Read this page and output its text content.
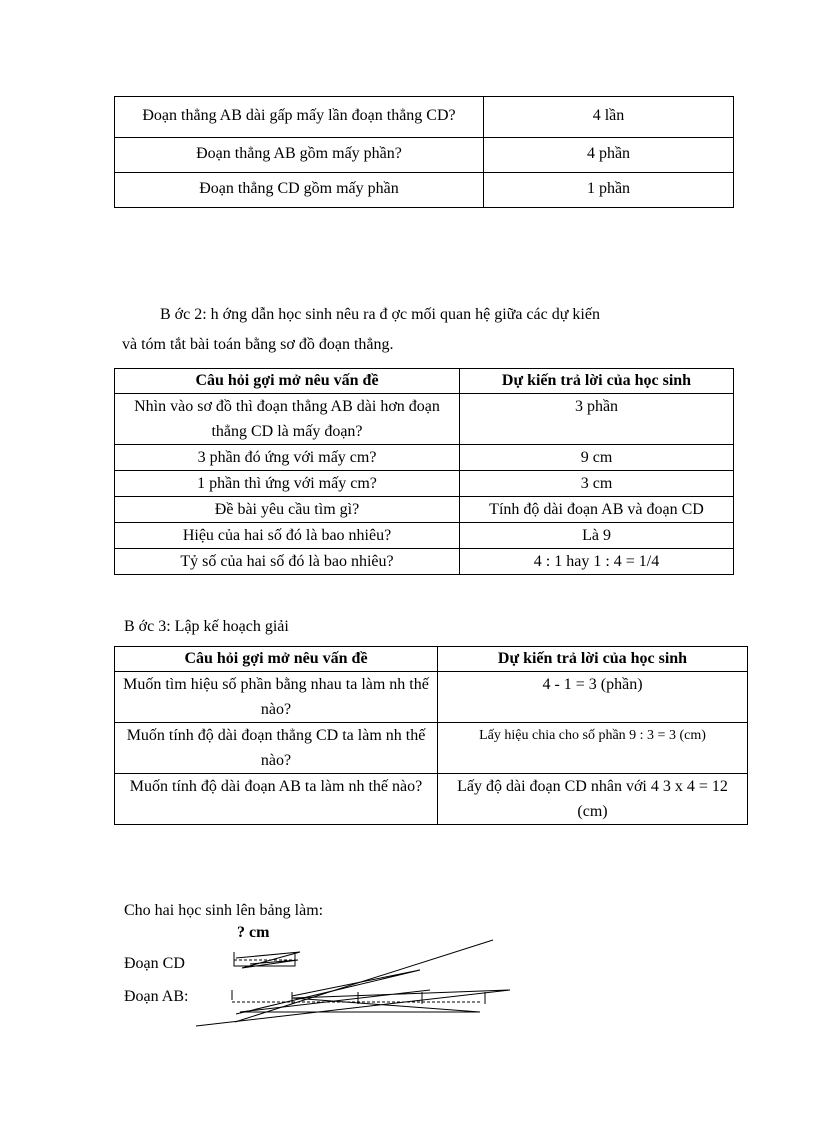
Đoạn thẳng AB dài gấp mấy lần đoạn thẳng CD?	4 lần
Đoạn thẳng AB gồm mấy phần?	4 phần
Đoạn thẳng CD gồm mấy phần	1 phần
B ớc 2: h ớng dẫn học sinh nêu ra đ ợc mối quan hệ giữa các dự kiến
và tóm tắt bài toán bằng sơ đồ đoạn thẳng.
Câu hỏi gợi mở nêu vấn đề	Dự kiến trả lời của học sinh
Nhìn vào sơ đồ thì đoạn thẳng AB dài hơn đoạn thẳng CD là mấy đoạn?	3 phần
3 phần đó ứng với mấy cm?	9 cm
1 phần thì ứng với mấy cm?	3 cm
Đề bài yêu cầu tìm gì?	Tính độ dài đoạn AB và đoạn CD
Hiệu của hai số đó là bao nhiêu?	Là 9
Tỷ số của hai số đó là bao nhiêu?	4 : 1 hay 1 : 4 = 1/4
B ớc 3: Lập kế hoạch giải
Câu hỏi gợi mở nêu vấn đề	Dự kiến trả lời của học sinh
Muốn tìm hiệu số phần bằng nhau ta làm nh thế nào?	4 - 1 = 3 (phần)
Muốn tính độ dài đoạn thẳng CD ta làm nh thế nào?	Lấy hiệu chia cho số phần 9 : 3 = 3 (cm)
Muốn tính độ dài đoạn AB ta làm nh thế nào?	Lấy độ dài đoạn CD nhân với 4 3 x 4 = 12 (cm)
Cho hai học sinh lên bảng làm:
? cm
Đoạn CD
Đoạn AB:
